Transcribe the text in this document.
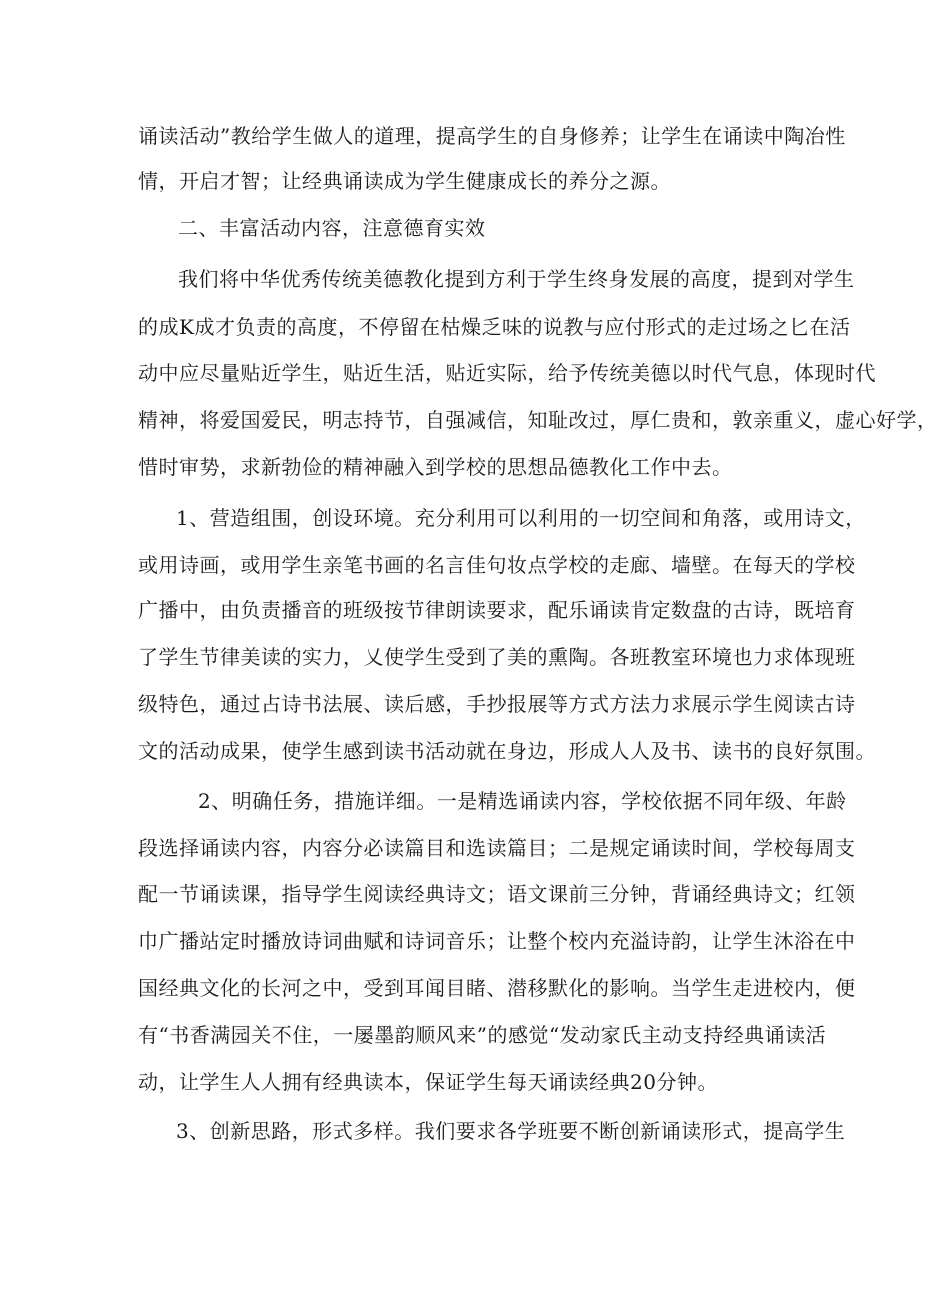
诵读活动”教给学生做人的道理，提高学生的自身修养；让学生在诵读中陶冶性
情，开启才智；让经典诵读成为学生健康成长的养分之源。
二、丰富活动内容，注意德育实效
我们将中华优秀传统美德教化提到方利于学生终身发展的高度，提到对学生
的成K成才负责的高度，不停留在枯燥乏味的说教与应付形式的走过场之匕在活
动中应尽量贴近学生，贴近生活，贴近实际，给予传统美德以时代气息，体现时代
精神，将爱国爱民，明志持节，自强减信，知耻改过，厚仁贵和，敦亲重义，虚心好学，
惜时审势，求新勃俭的精神融入到学校的思想品德教化工作中去。
1、营造组围，创设环境。充分利用可以利用的一切空间和角落，或用诗文，
或用诗画，或用学生亲笔书画的名言佳句妆点学校的走廊、墙壁。在每天的学校
广播中，由负责播音的班级按节律朗读要求，配乐诵读肯定数盘的古诗，既培育
了学生节律美读的实力，乂使学生受到了美的熏陶。各班教室环境也力求体现班
级特色，通过占诗书法展、读后感，手抄报展等方式方法力求展示学生阅读古诗
文的活动成果，使学生感到读书活动就在身边，形成人人及书、读书的良好氛围。
2、明确任务，措施详细。一是精选诵读内容，学校依据不同年级、年龄
段选择诵读内容，内容分必读篇目和选读篇目；二是规定诵读时间，学校每周支
配一节诵读课，指导学生阅读经典诗文；语文课前三分钟，背诵经典诗文；红领
巾广播站定时播放诗词曲赋和诗词音乐；让整个校内充溢诗韵，让学生沐浴在中
国经典文化的长河之中，受到耳闻目睹、潜移默化的影响。当学生走进校内，便
有“书香满园关不住，一屡墨韵顺风来”的感觉“发动家氏主动支持经典诵读活
动，让学生人人拥有经典读本，保证学生每天诵读经典20分钟。
3、创新思路，形式多样。我们要求各学班要不断创新诵读形式，提高学生
